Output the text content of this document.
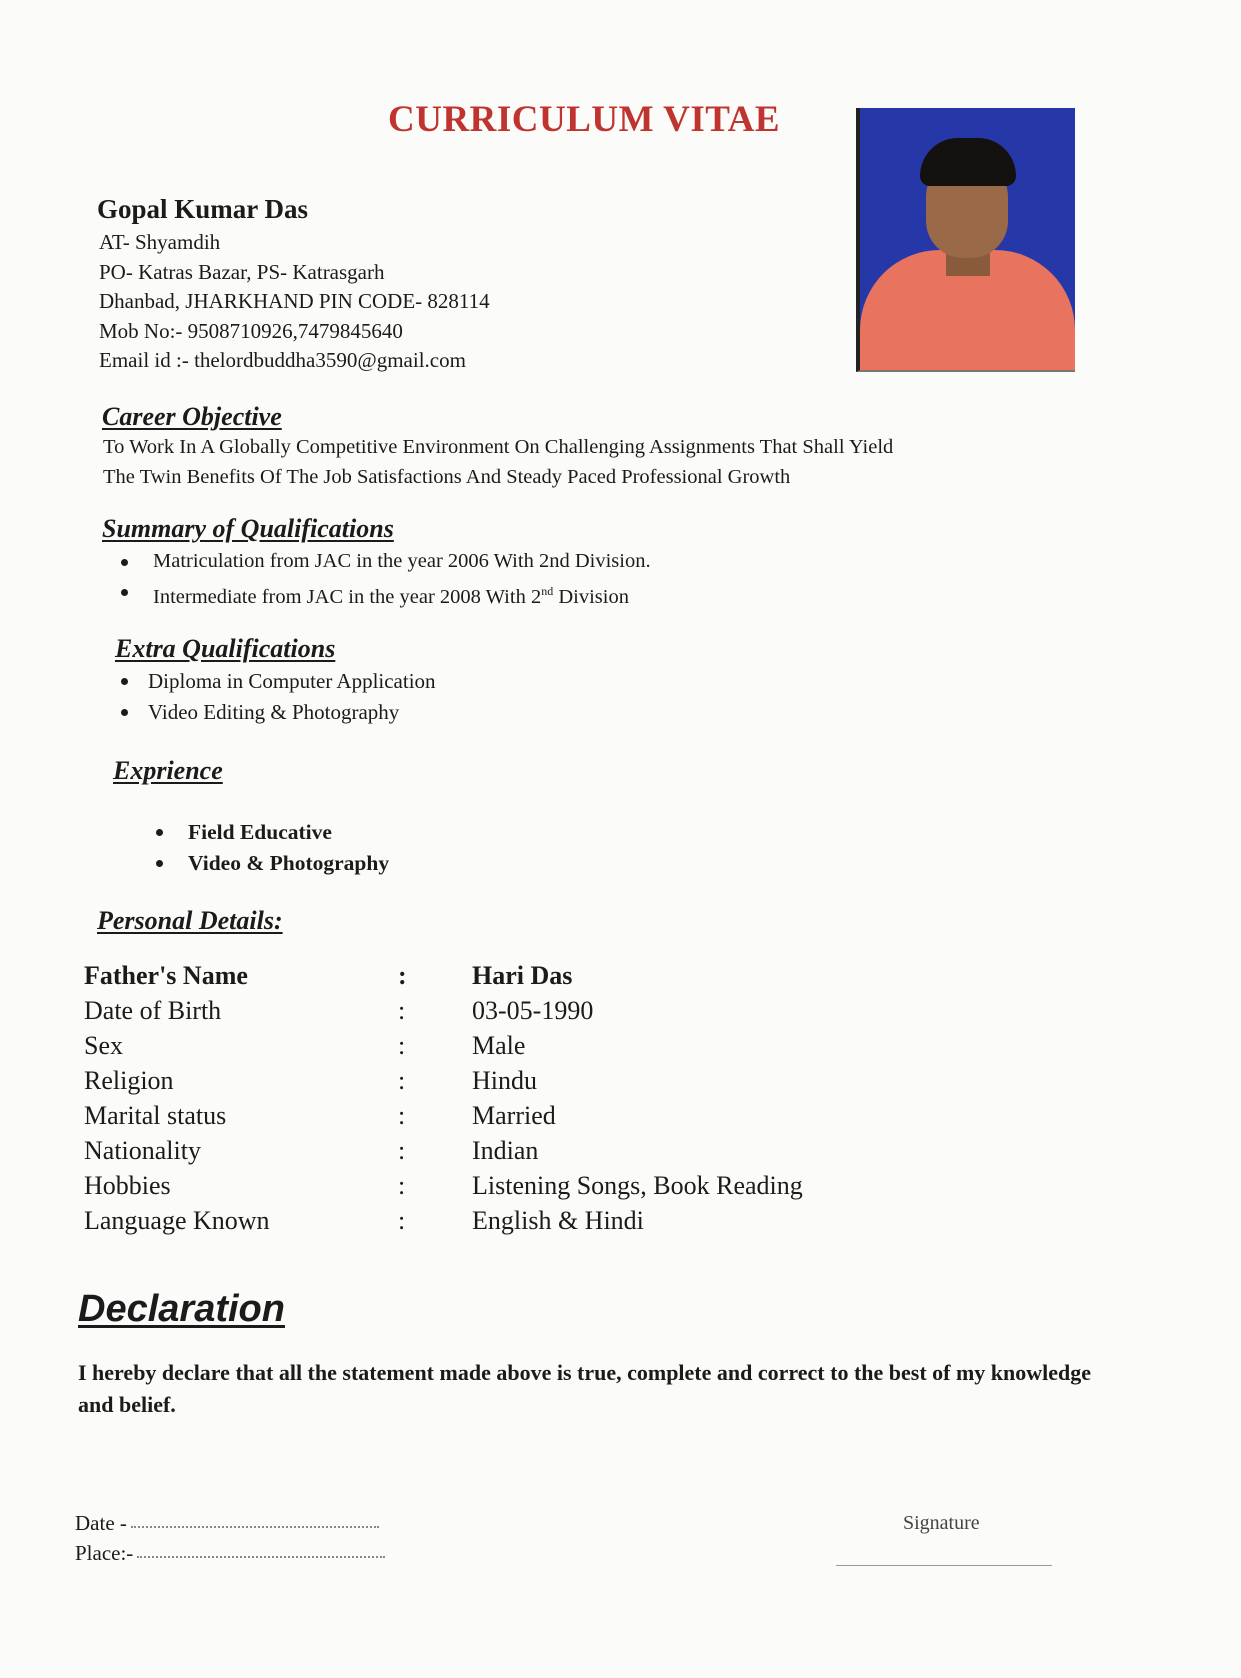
CURRICULUM VITAE
Gopal Kumar Das
AT- Shyamdih
PO- Katras Bazar, PS- Katrasgarh
Dhanbad, JHARKHAND PIN CODE- 828114
Mob No:- 9508710926,7479845640
Email id :- thelordbuddha3590@gmail.com
Career Objective
To Work In A Globally Competitive Environment On Challenging Assignments That Shall Yield
The Twin Benefits Of The Job Satisfactions And Steady Paced Professional Growth
Summary of Qualifications
Matriculation from JAC in the year 2006 With 2nd Division.
Intermediate from JAC in the year 2008 With 2nd Division
Extra Qualifications
Diploma in Computer Application
Video Editing & Photography
Exprience
Field Educative
Video & Photography
Personal Details:
Father's Name	:	Hari Das
Date of Birth	:	03-05-1990
Sex	:	Male
Religion	:	Hindu
Marital status	:	Married
Nationality	:	Indian
Hobbies	:	Listening Songs, Book Reading
Language Known	:	English & Hindi
Declaration
I hereby declare that all the statement made above is true, complete and correct to the best of my knowledge and belief.
Date -
Place:-
Signature
